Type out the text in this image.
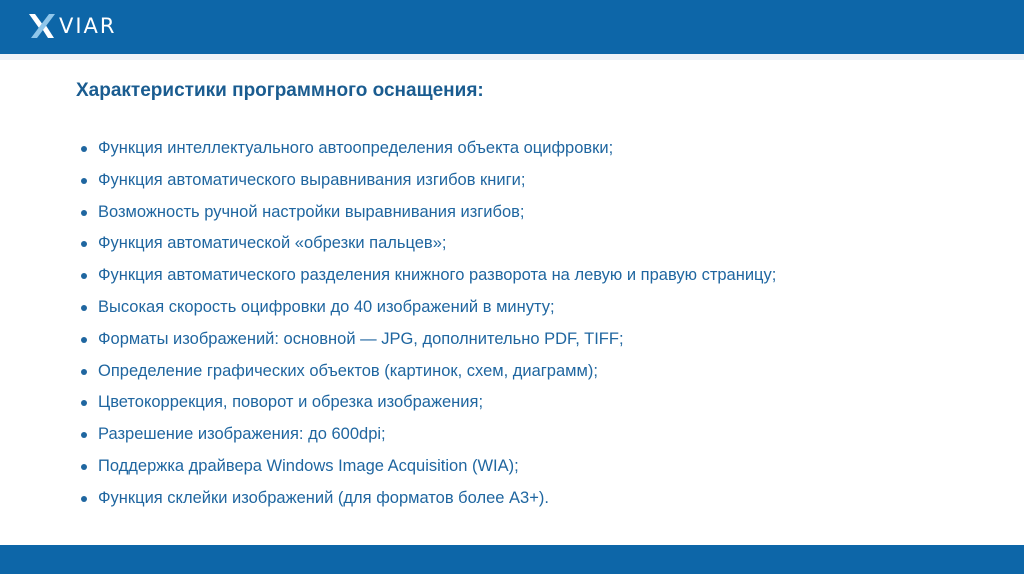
VIAR
Характеристики программного оснащения:
Функция интеллектуального автоопределения объекта оцифровки;
Функция автоматического выравнивания изгибов книги;
Возможность ручной настройки выравнивания изгибов;
Функция автоматической «обрезки пальцев»;
Функция автоматического разделения книжного разворота на левую и правую страницу;
Высокая скорость оцифровки до 40 изображений в минуту;
Форматы изображений: основной — JPG, дополнительно PDF, TIFF;
Определение графических объектов (картинок, схем, диаграмм);
Цветокоррекция, поворот и обрезка изображения;
Разрешение изображения: до 600dpi;
Поддержка драйвера Windows Image Acquisition (WIA);
Функция склейки изображений (для форматов более А3+).
